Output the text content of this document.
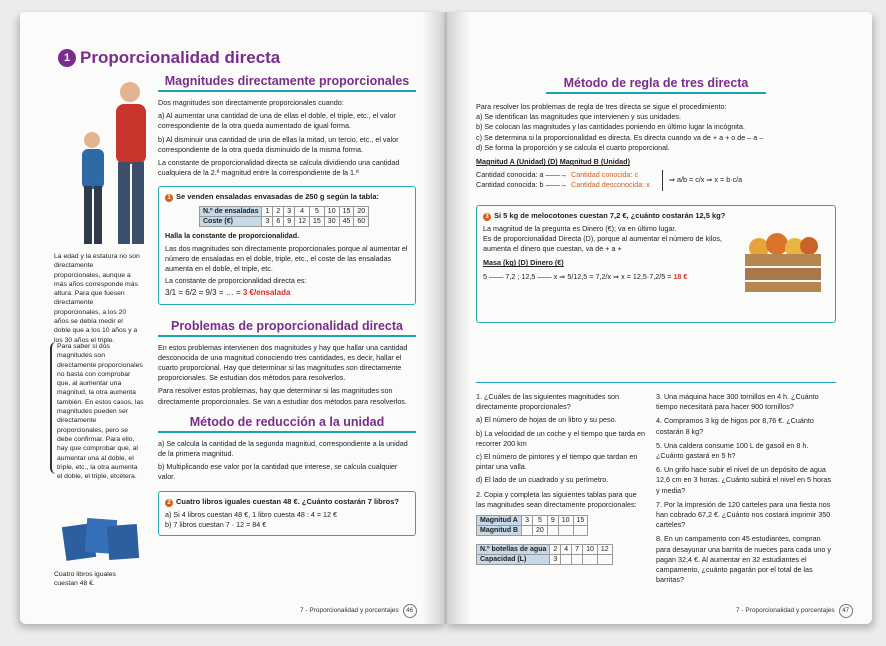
1 Proporcionalidad directa
La edad y la estatura no son directamente proporcionales, aunque a más años corresponde más altura. Para que fuesen directamente proporcionales, a los 20 años se debía medir el doble que a los 10 años y a los 30 años el triple.
Para saber si dos magnitudes son directamente proporcionales no basta con comprobar que, al aumentar una magnitud, la otra aumenta también. En estos casos, las magnitudes pueden ser directamente proporcionales, pero se debe confirmar. Para ello, hay que comprobar que, al aumentar una al doble, el triple, etc., la otra aumenta el doble, el triple, etcétera.
Cuatro libros iguales cuestan 48 €.
Magnitudes directamente proporcionales
Dos magnitudes son directamente proporcionales cuando:
a) Al aumentar una cantidad de una de ellas el doble, el triple, etc., el valor correspondiente de la otra queda aumentado de igual forma.
b) Al disminuir una cantidad de una de ellas la mitad, un tercio, etc., el valor correspondiente de la otra queda disminuido de la misma forma.
La constante de proporcionalidad directa se calcula dividiendo una cantidad cualquiera de la 2.ª magnitud entre la correspondiente de la 1.ª
1 Se venden ensaladas envasadas de 250 g según la tabla:
N.º de ensaladas	1	2	3	4	5	10	15	20
Coste (€)	3	6	9	12	15	30	45	60
Halla la constante de proporcionalidad.
Las dos magnitudes son directamente proporcionales porque al aumentar el número de ensaladas en el doble, triple, etc., el coste de las ensaladas aumenta en el doble, el triple, etc.
La constante de proporcionalidad directa es:
3/1 = 6/2 = 9/3 = … = 3 €/ensalada
Problemas de proporcionalidad directa
En estos problemas intervienen dos magnitudes y hay que hallar una cantidad desconocida de una magnitud conociendo tres cantidades, es decir, hallar el cuarto proporcional. Hay que determinar si las magnitudes son directamente proporcionales. Se estudian dos métodos para resolverlos.
Para resolver estos problemas, hay que determinar si las magnitudes son directamente proporcionales. Se van a estudiar dos métodos para resolverlos.
Método de reducción a la unidad
a) Se calcula la cantidad de la segunda magnitud, correspondiente a la unidad de la primera magnitud.
b) Multiplicando ese valor por la cantidad que interese, se calcula cualquier valor.
2 Cuatro libros iguales cuestan 48 €. ¿Cuánto costarán 7 libros?
a) Si 4 libros cuestan 48 €, 1 libro cuesta 48 : 4 = 12 €
b) 7 libros cuestan 7 · 12 = 84 €
7 - Proporcionalidad y porcentajes 46
Método de regla de tres directa
Para resolver los problemas de regla de tres directa se sigue el procedimiento:
a) Se identifican las magnitudes que intervienen y sus unidades.
b) Se colocan las magnitudes y las cantidades poniendo en último lugar la incógnita.
c) Se determina si la proporcionalidad es directa. Es directa cuando va de + a + o de – a –
d) Se forma la proporción y se calcula el cuarto proporcional.
Magnitud A (Unidad) (D) Magnitud B (Unidad)
Cantidad conocida: a ——→
Cantidad conocida: b ——→
Cantidad conocida: c
Cantidad desconocida: x
⇒ a/b = c/x ⇒ x = b·c/a
3 Si 5 kg de melocotones cuestan 7,2 €, ¿cuánto costarán 12,5 kg?
La magnitud de la pregunta es Dinero (€); va en último lugar.
Es de proporcionalidad Directa (D), porque al aumentar el número de kilos, aumenta el dinero que cuestan, va de + a +
Masa (kg) (D) Dinero (€)
5 —— 7,2 ; 12,5 —— x ⇒ 5/12,5 = 7,2/x ⇒ x = 12,5·7,2/5 = 18 €
1. ¿Cuáles de las siguientes magnitudes son directamente proporcionales?
a) El número de hojas de un libro y su peso.
b) La velocidad de un coche y el tiempo que tarda en recorrer 200 km
c) El número de pintores y el tiempo que tardan en pintar una valla.
d) El lado de un cuadrado y su perímetro.
2. Copia y completa las siguientes tablas para que las magnitudes sean directamente proporcionales:
Magnitud A	3	5	9	10	15
Magnitud B		20			
N.º botellas de agua	2	4	7	10	12
Capacidad (L)	3				
3. Una máquina hace 300 tornillos en 4 h. ¿Cuánto tiempo necesitará para hacer 900 tornillos?
4. Compramos 3 kg de higos por 8,76 €. ¿Cuánto costarán 8 kg?
5. Una caldera consume 100 L de gasoil en 8 h. ¿Cuánto gastará en 5 h?
6. Un grifo hace subir el nivel de un depósito de agua 12,6 cm en 3 horas. ¿Cuánto subirá el nivel en 5 horas y media?
7. Por la impresión de 120 carteles para una fiesta nos han cobrado 67,2 €. ¿Cuánto nos costará imprimir 350 carteles?
8. En un campamento con 45 estudiantes, compran para desayunar una barrita de nueces para cada uno y pagan 32,4 €. Al aumentar en 32 estudiantes el campamento, ¿cuánto pagarán por el total de las barritas?
7 - Proporcionalidad y porcentajes 47
